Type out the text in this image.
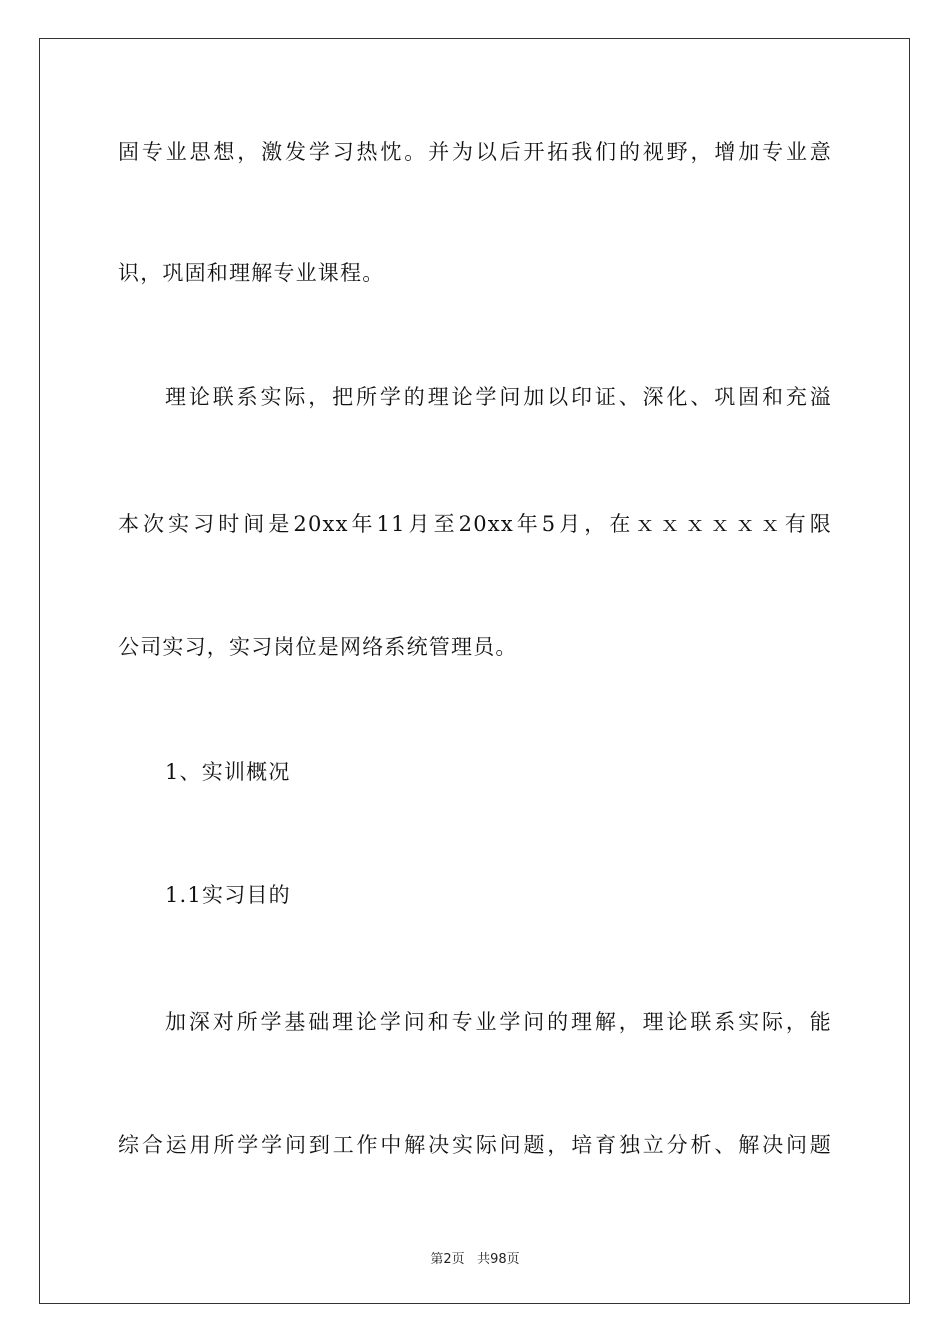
固专业思想，激发学习热忱。并为以后开拓我们的视野，增加专业意
识，巩固和理解专业课程。
理论联系实际，把所学的理论学问加以印证、深化、巩固和充溢
本次实习时间是20xx年11月至20xx年5月，在ｘｘｘｘｘｘ有限
公司实习，实习岗位是网络系统管理员。
1、实训概况
1.1实习目的
加深对所学基础理论学问和专业学问的理解，理论联系实际，能
综合运用所学学问到工作中解决实际问题，培育独立分析、解决问题
第2页 共98页
